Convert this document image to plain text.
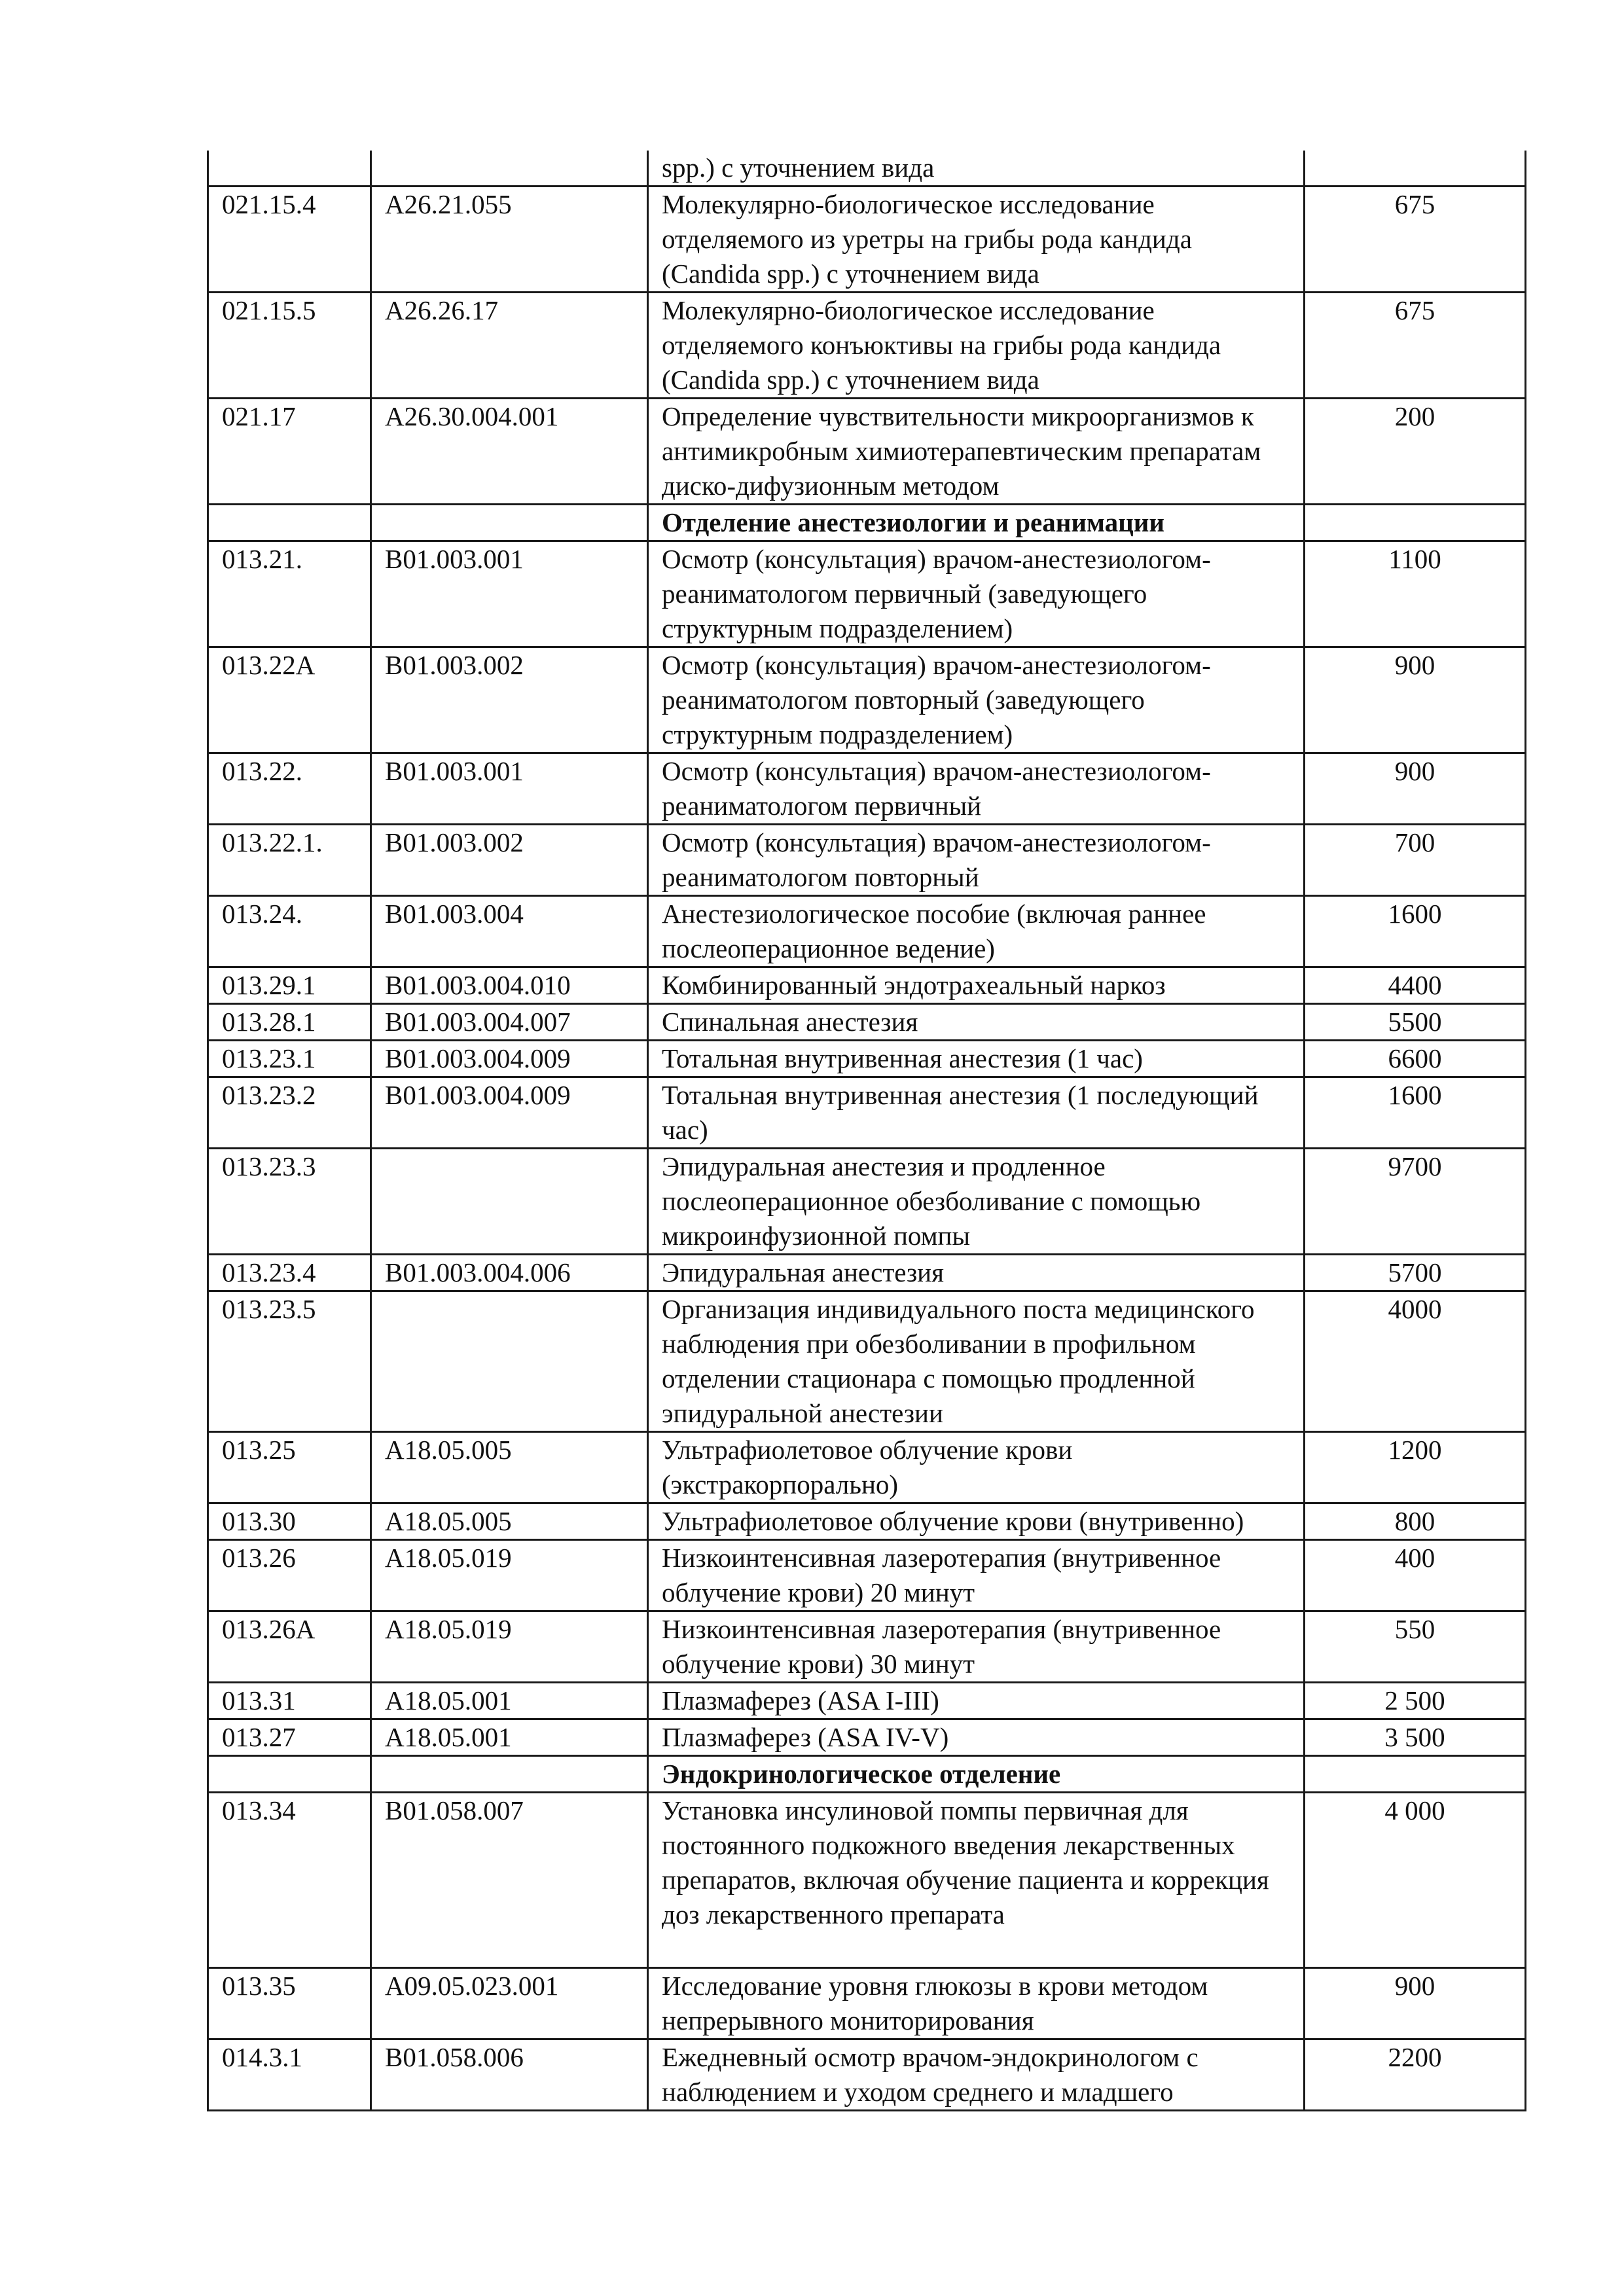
		spp.) с уточнением вида	
021.15.4	A26.21.055	Молекулярно-биологическое исследование отделяемого из уретры на грибы рода кандида (Candida spp.) с уточнением вида	675
021.15.5	A26.26.17	Молекулярно-биологическое исследование отделяемого конъюктивы на грибы рода кандида (Candida spp.) с уточнением вида	675
021.17	A26.30.004.001	Определение чувствительности микроорганизмов к антимикробным химиотерапевтическим препаратам диско-дифузионным методом	200
		Отделение анестезиологии и реанимации	
013.21.	B01.003.001	Осмотр (консультация) врачом-анестезиологом-реаниматологом первичный (заведующего структурным подразделением)	1100
013.22А	B01.003.002	Осмотр (консультация) врачом-анестезиологом-реаниматологом повторный (заведующего структурным подразделением)	900
013.22.	B01.003.001	Осмотр (консультация) врачом-анестезиологом-реаниматологом первичный	900
013.22.1.	B01.003.002	Осмотр (консультация) врачом-анестезиологом-реаниматологом повторный	700
013.24.	B01.003.004	Анестезиологическое пособие (включая раннее послеоперационное ведение)	1600
013.29.1	B01.003.004.010	Комбинированный эндотрахеальный наркоз	4400
013.28.1	B01.003.004.007	Спинальная анестезия	5500
013.23.1	B01.003.004.009	Тотальная внутривенная анестезия (1 час)	6600
013.23.2	B01.003.004.009	Тотальная внутривенная анестезия (1 последующий час)	1600
013.23.3		Эпидуральная анестезия и продленное послеоперационное обезболивание с помощью микроинфузионной помпы	9700
013.23.4	B01.003.004.006	Эпидуральная анестезия	5700
013.23.5		Организация индивидуального поста медицинского наблюдения при обезболивании в профильном отделении стационара с помощью продленной эпидуральной анестезии	4000
013.25	A18.05.005	Ультрафиолетовое облучение крови (экстракорпорально)	1200
013.30	A18.05.005	Ультрафиолетовое облучение крови (внутривенно)	800
013.26	A18.05.019	Низкоинтенсивная лазеротерапия (внутривенное облучение крови) 20 минут	400
013.26А	A18.05.019	Низкоинтенсивная лазеротерапия (внутривенное облучение крови) 30 минут	550
013.31	A18.05.001	Плазмаферез (ASA I-III)	2 500
013.27	A18.05.001	Плазмаферез (ASA IV-V)	3 500
		Эндокринологическое отделение	
013.34	B01.058.007	Установка инсулиновой помпы первичная для постоянного подкожного введения лекарственных препаратов, включая обучение пациента и коррекция доз лекарственного препарата	4 000
013.35	A09.05.023.001	Исследование уровня глюкозы в крови методом непрерывного мониторирования	900
014.3.1	B01.058.006	Ежедневный осмотр врачом-эндокринологом с наблюдением и уходом среднего и младшего	2200
